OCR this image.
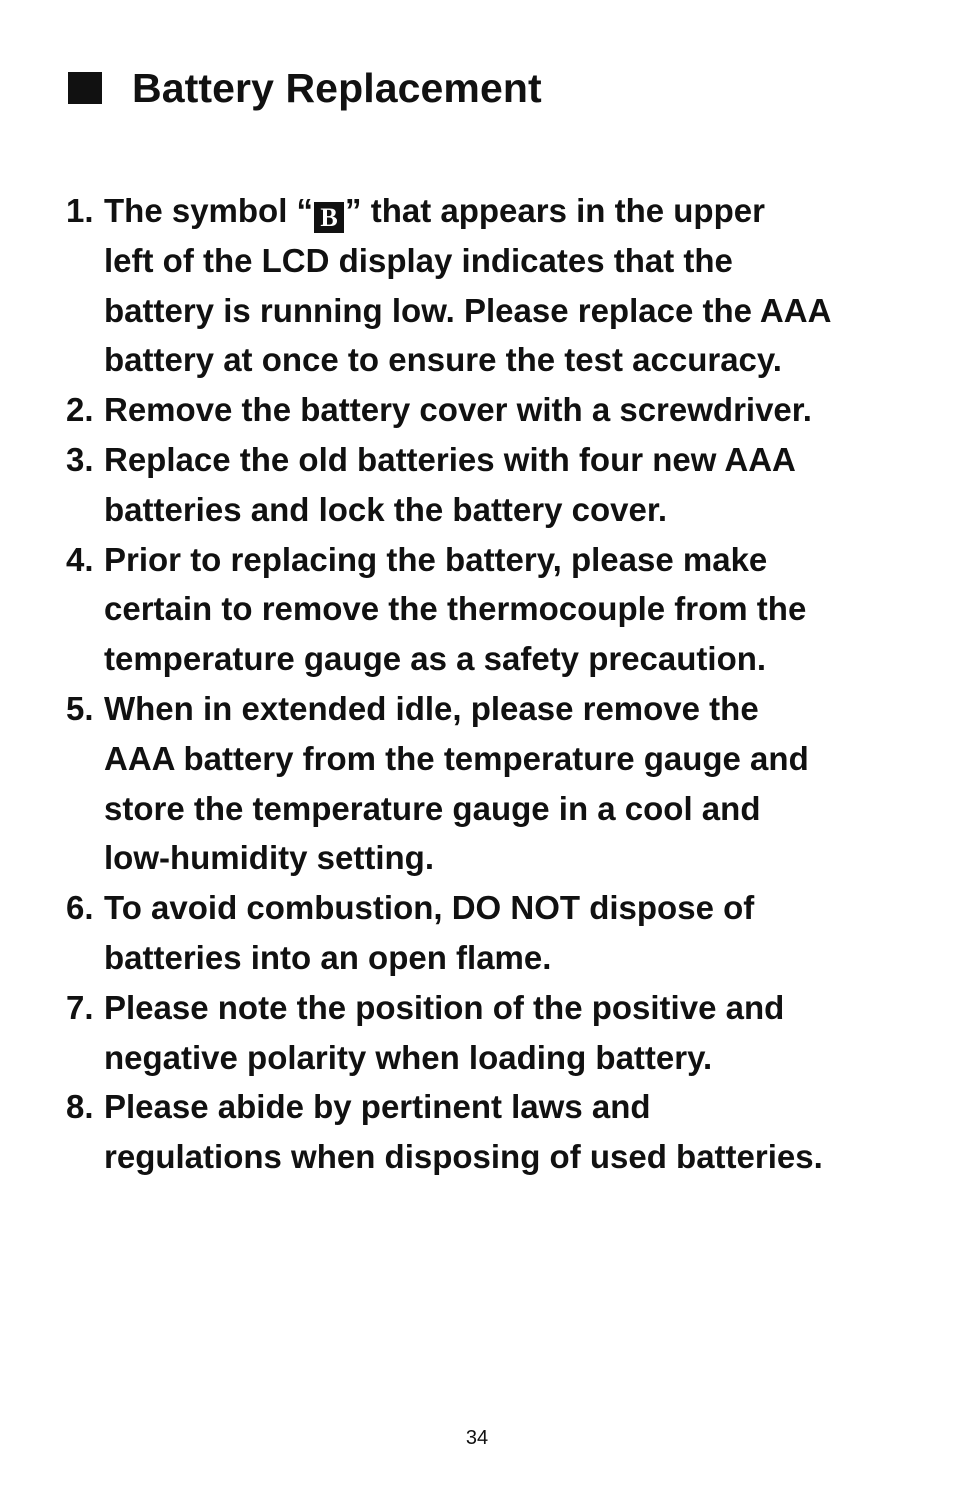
Battery Replacement
1. The symbol “ B ” that appears in the upper
left of the LCD display indicates that the
battery is running low. Please replace the AAA
battery at once to ensure the test accuracy.
2. Remove the battery cover with a screwdriver.
3. Replace the old batteries with four new AAA
batteries and lock the battery cover.
4. Prior to replacing the battery, please make
certain to remove the thermocouple from the
temperature gauge as a safety precaution.
5. When in extended idle, please remove the
AAA battery from the temperature gauge and
store the temperature gauge in a cool and
low-humidity setting.
6. To avoid combustion, DO NOT dispose of
batteries into an open flame.
7. Please note the position of the positive and
negative polarity when loading battery.
8. Please abide by pertinent laws and
regulations when disposing of used batteries.
34
